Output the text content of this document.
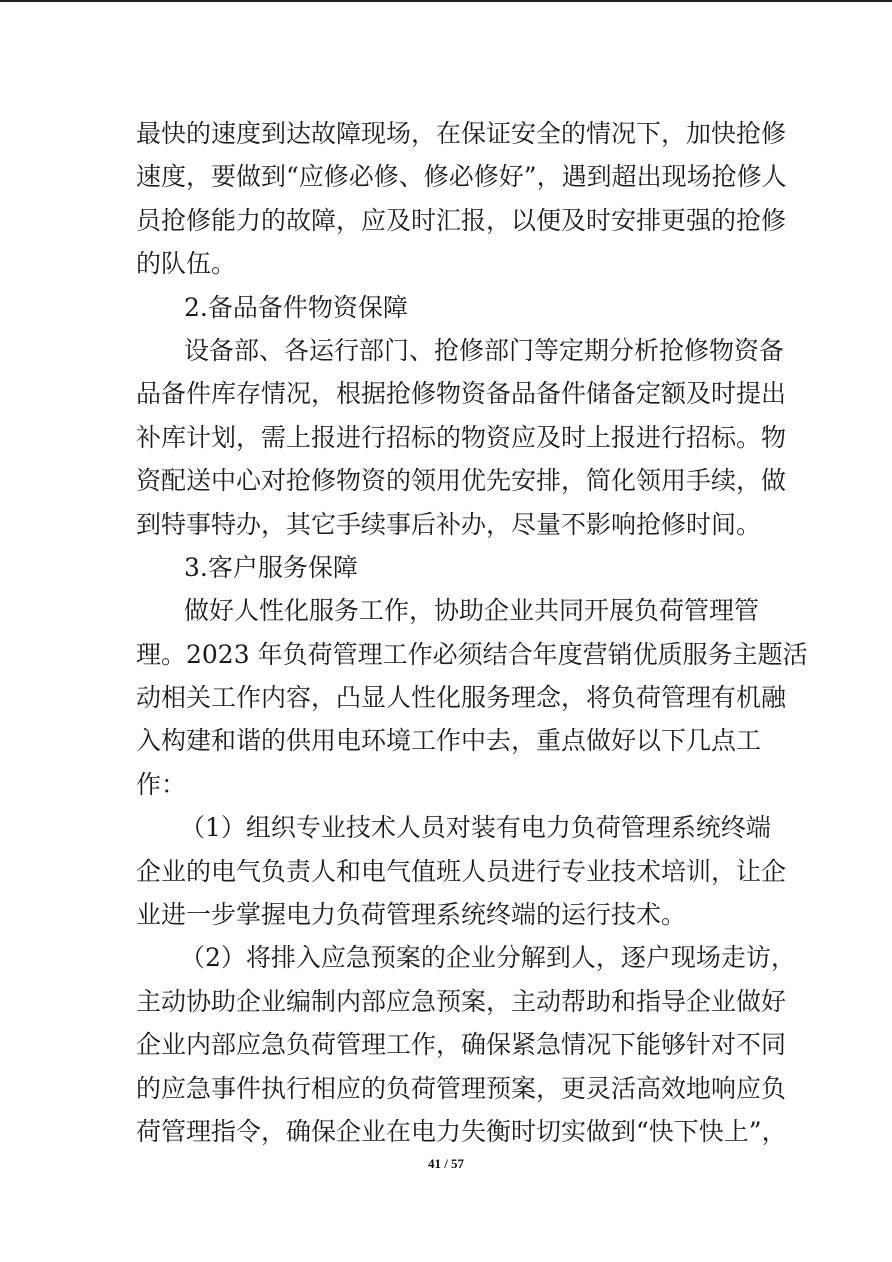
最快的速度到达故障现场，在保证安全的情况下，加快抢修
速度，要做到“应修必修、修必修好”，遇到超出现场抢修人
员抢修能力的故障，应及时汇报，以便及时安排更强的抢修
的队伍。
2.备品备件物资保障
设备部、各运行部门、抢修部门等定期分析抢修物资备
品备件库存情况，根据抢修物资备品备件储备定额及时提出
补库计划，需上报进行招标的物资应及时上报进行招标。物
资配送中心对抢修物资的领用优先安排，简化领用手续，做
到特事特办，其它手续事后补办，尽量不影响抢修时间。
3.客户服务保障
做好人性化服务工作，协助企业共同开展负荷管理管
理。2023 年负荷管理工作必须结合年度营销优质服务主题活
动相关工作内容，凸显人性化服务理念，将负荷管理有机融
入构建和谐的供用电环境工作中去，重点做好以下几点工
作：
（1）组织专业技术人员对装有电力负荷管理系统终端
企业的电气负责人和电气值班人员进行专业技术培训，让企
业进一步掌握电力负荷管理系统终端的运行技术。
（2）将排入应急预案的企业分解到人，逐户现场走访，
主动协助企业编制内部应急预案，主动帮助和指导企业做好
企业内部应急负荷管理工作，确保紧急情况下能够针对不同
的应急事件执行相应的负荷管理预案，更灵活高效地响应负
荷管理指令，确保企业在电力失衡时切实做到“快下快上”，
41 / 57
